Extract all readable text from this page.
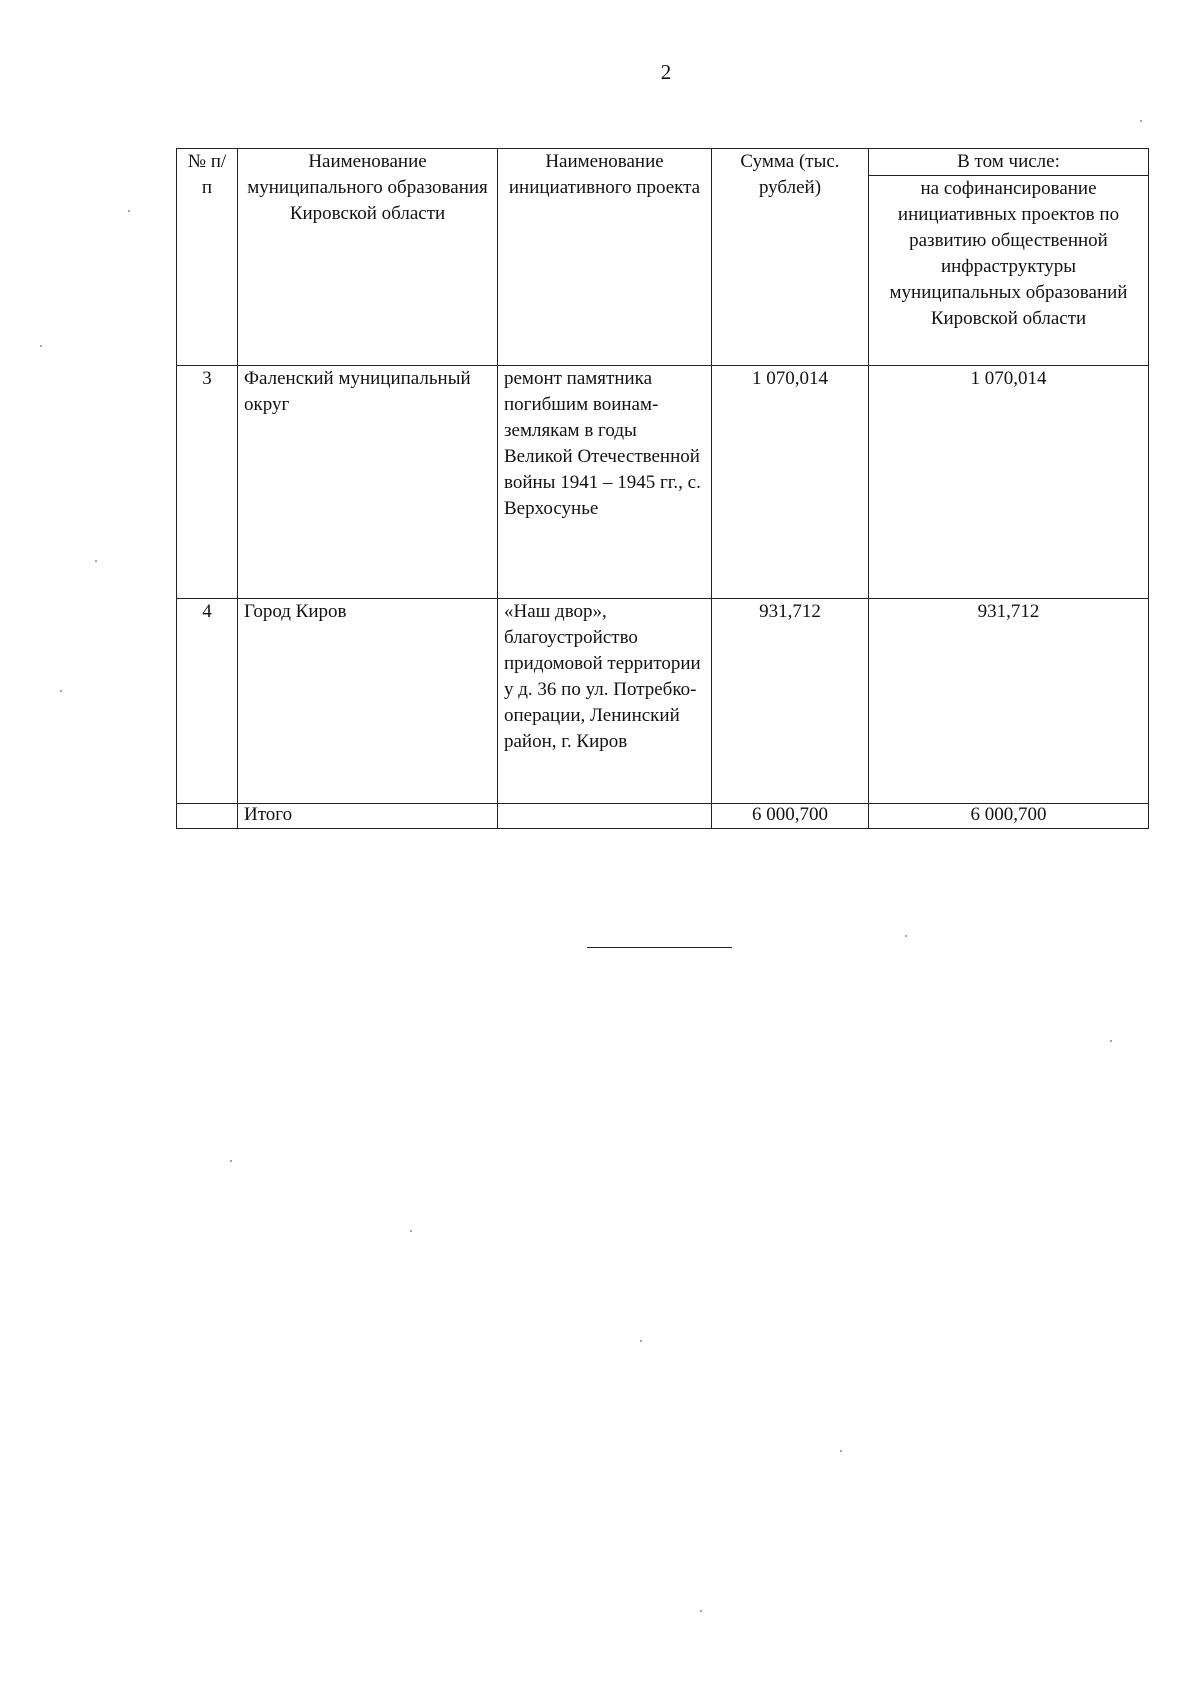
2
№ п/п	Наименование муниципального образования Кировской области	Наименование инициативного проекта	Сумма (тыс. рублей)	В том числе:
				на софинансирование инициативных проектов по развитию общественной инфраструктуры муниципальных образований Кировской области
3	Фаленский муниципальный округ	ремонт памятника погибшим воинам-землякам в годы Великой Отечественной войны 1941 – 1945 гг., с. Верхосунье	1 070,014	1 070,014
4	Город Киров	«Наш двор», благоустройство придомовой территории у д. 36 по ул. Потребко-операции, Ленинский район, г. Киров	931,712	931,712
	Итого		6 000,700	6 000,700
